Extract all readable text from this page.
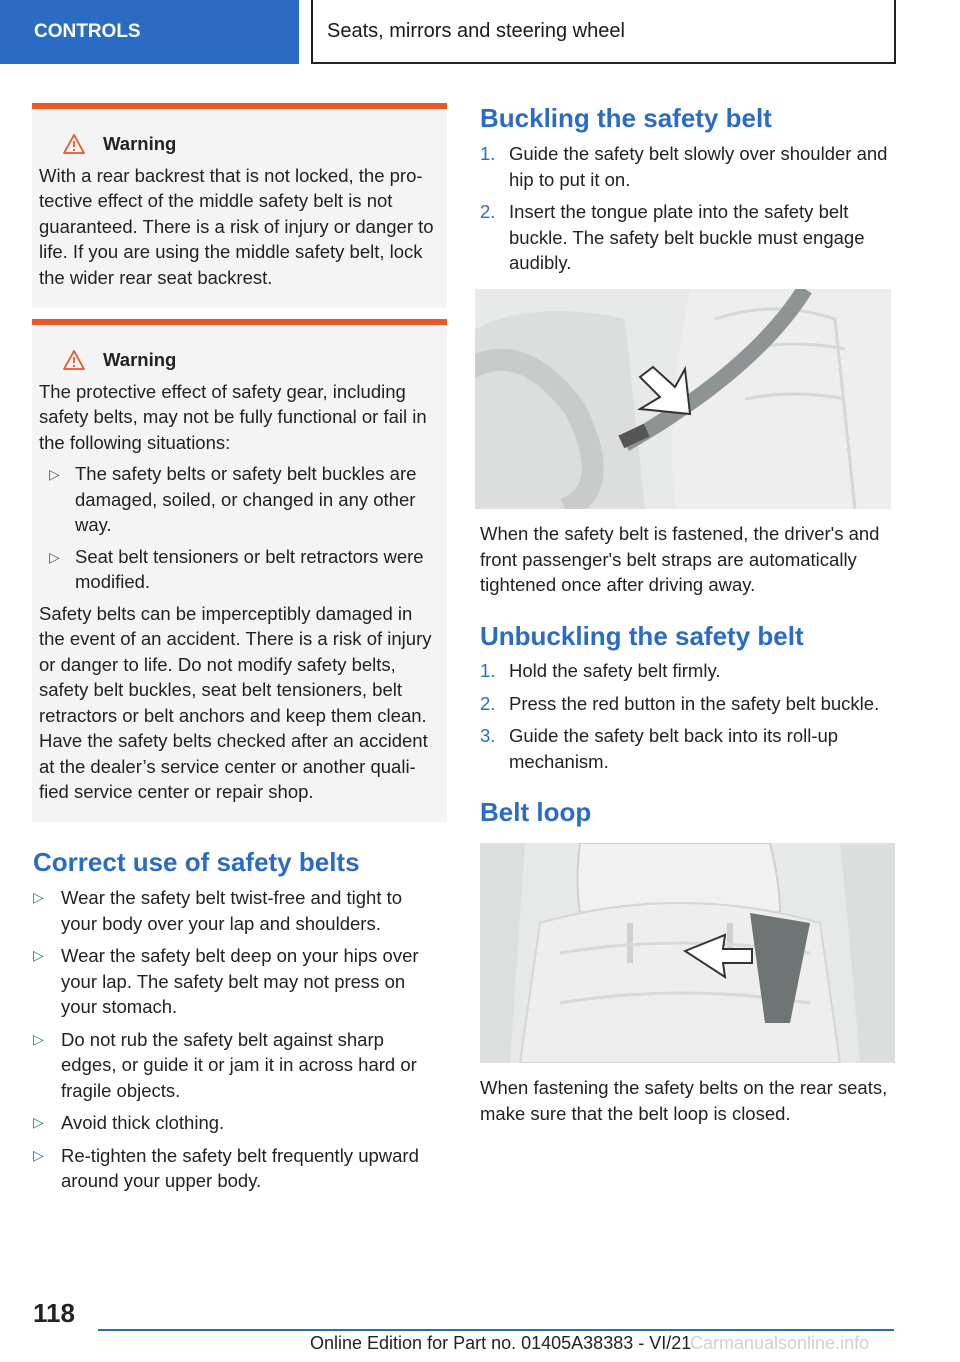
CONTROLS	Seats, mirrors and steering wheel
Warning

With a rear backrest that is not locked, the pro-tective effect of the middle safety belt is not guaranteed. There is a risk of injury or danger to life. If you are using the middle safety belt, lock the wider rear seat backrest.

Warning

The protective effect of safety gear, including safety belts, may not be fully functional or fail in the following situations:

▷ The safety belts or safety belt buckles are damaged, soiled, or changed in any other way.
▷ Seat belt tensioners or belt retractors were modified.

Safety belts can be imperceptibly damaged in the event of an accident. There is a risk of injury or danger to life. Do not modify safety belts, safety belt buckles, seat belt tensioners, belt retractors or belt anchors and keep them clean. Have the safety belts checked after an accident at the dealer’s service center or another quali-fied service center or repair shop.

Correct use of safety belts
▷ Wear the safety belt twist-free and tight to your body over your lap and shoulders.
▷ Wear the safety belt deep on your hips over your lap. The safety belt may not press on your stomach.
▷ Do not rub the safety belt against sharp edges, or guide it or jam it in across hard or fragile objects.
▷ Avoid thick clothing.
▷ Re-tighten the safety belt frequently upward around your upper body.
Buckling the safety belt
1. Guide the safety belt slowly over shoulder and hip to put it on.
2. Insert the tongue plate into the safety belt buckle. The safety belt buckle must engage audibly.

When the safety belt is fastened, the driver's and front passenger's belt straps are automatically tightened once after driving away.

Unbuckling the safety belt
1. Hold the safety belt firmly.
2. Press the red button in the safety belt buckle.
3. Guide the safety belt back into its roll-up mechanism.
Belt loop

When fastening the safety belts on the rear seats, make sure that the belt loop is closed.

118
Online Edition for Part no. 01405A38383 - VI/21
Carmanualsonline.info
